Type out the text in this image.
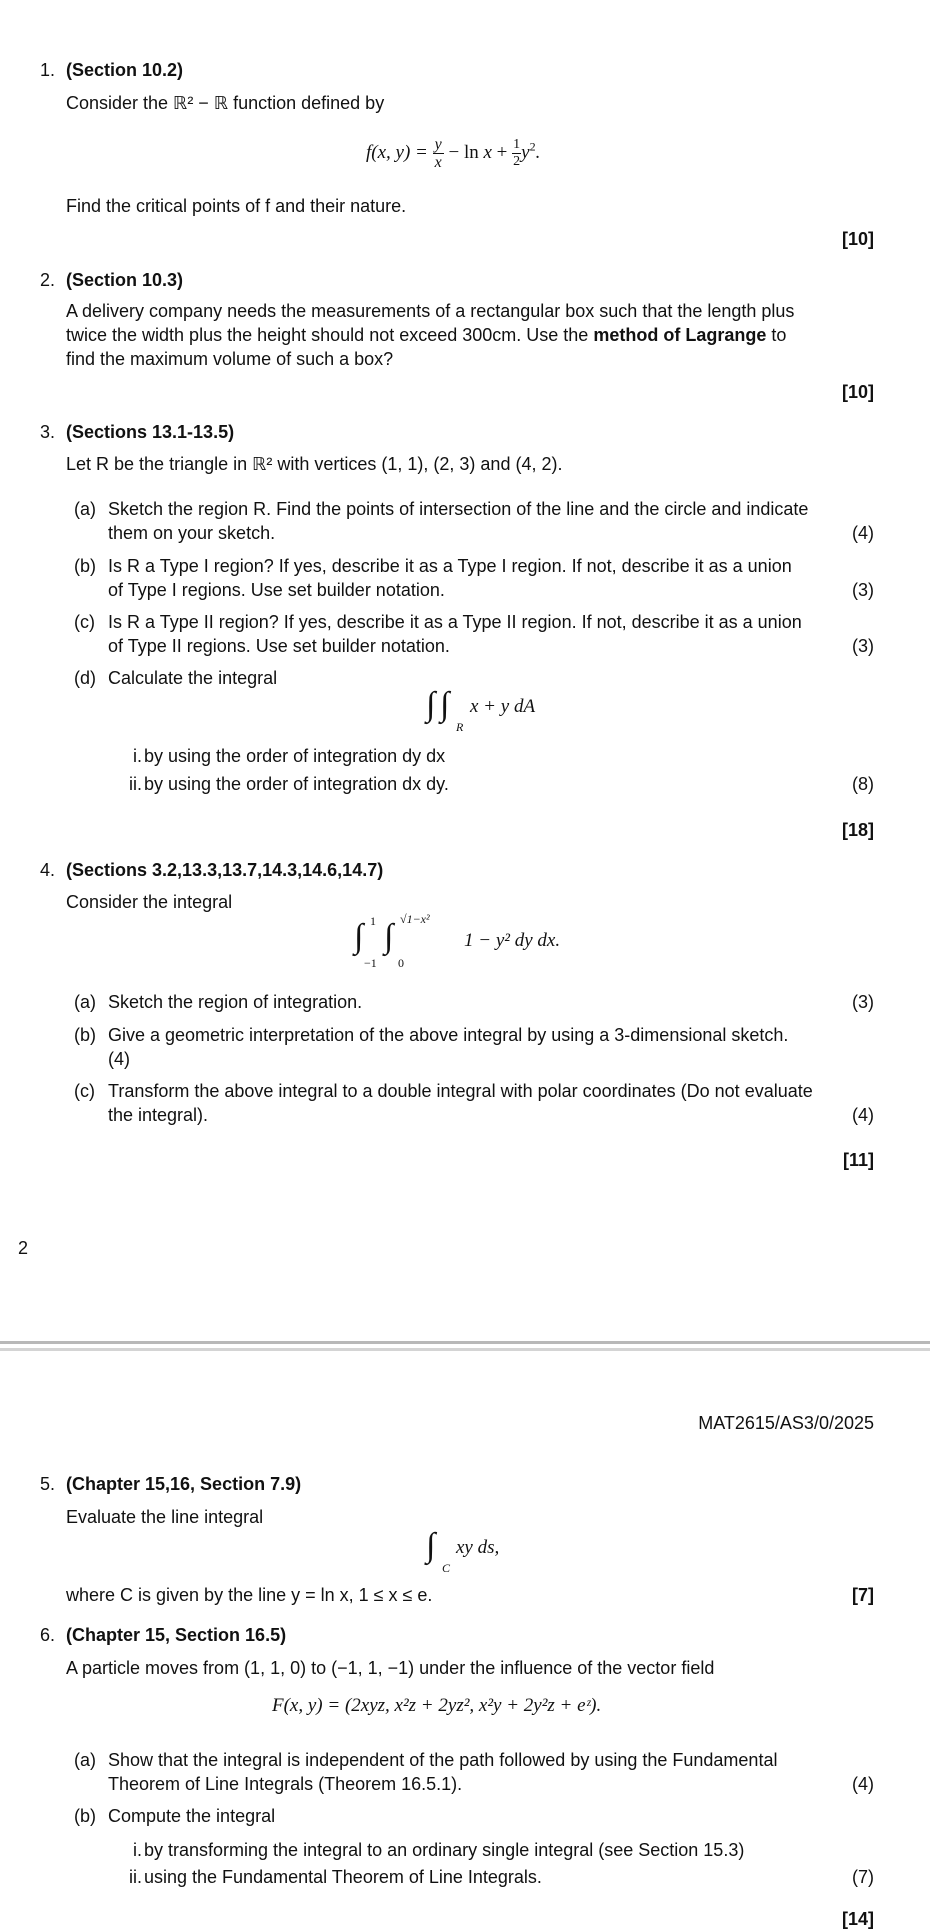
1. (Section 10.2)
Consider the ℝ² − ℝ function defined by
f(x, $y) = \frac{y}{x} - \ln x + \frac{1}{2} y^2$.
Find the critical points of f and their nature.
[10]
2. (Section 10.3)
A delivery company needs the measurements of a rectangular box such that the length plus
twice the width plus the height should not exceed 300cm. Use the method of Lagrange to
find the maximum volume of such a box?
[10]
3. (Sections 13.1-13.5)
Let R be the triangle in ℝ² with vertices (1, 1), (2, 3) and (4, 2).
(a) Sketch the region R. Find the points of intersection of the line and the circle and indicate
them on your sketch.	(4)
(b) Is R a Type I region? If yes, describe it as a Type I region. If not, describe it as a union
of Type I regions. Use set builder notation.	(3)
(c) Is R a Type II region? If yes, describe it as a Type II region. If not, describe it as a union
of Type II regions. Use set builder notation.	(3)
(d) Calculate the integral
∫ ∫
R
x + y dA
i. by using the order of integration dy dx
ii. by using the order of integration dx dy.	(8)
[18]
4. (Sections 3.2,13.3,13.7,14.3,14.6,14.7)
Consider the integral
∫ 1
−1
∫ √1−x²
0
1 − y² dy dx.
(a) Sketch the region of integration.	(3)
(b) Give a geometric interpretation of the above integral by using a 3-dimensional sketch.
(4)
(c) Transform the above integral to a double integral with polar coordinates (Do not evaluate
the integral).	(4)
[11]
2
MAT2615/AS3/0/2025
5. (Chapter 15,16, Section 7.9)
Evaluate the line integral
∫
C
xy ds,
where C is given by the line y = ln x, 1 ≤ x ≤ e.	[7]
6. (Chapter 15, Section 16.5)
A particle moves from (1, 1, 0) to (−1, 1, −1) under the influence of the vector field
F(x, y) = (2xyz, x²z + 2yz², x²y + 2y²z + eᶻ).
(a) Show that the integral is independent of the path followed by using the Fundamental
Theorem of Line Integrals (Theorem 16.5.1).	(4)
(b) Compute the integral
i. by transforming the integral to an ordinary single integral (see Section 15.3)
ii. using the Fundamental Theorem of Line Integrals.	(7)
[14]
